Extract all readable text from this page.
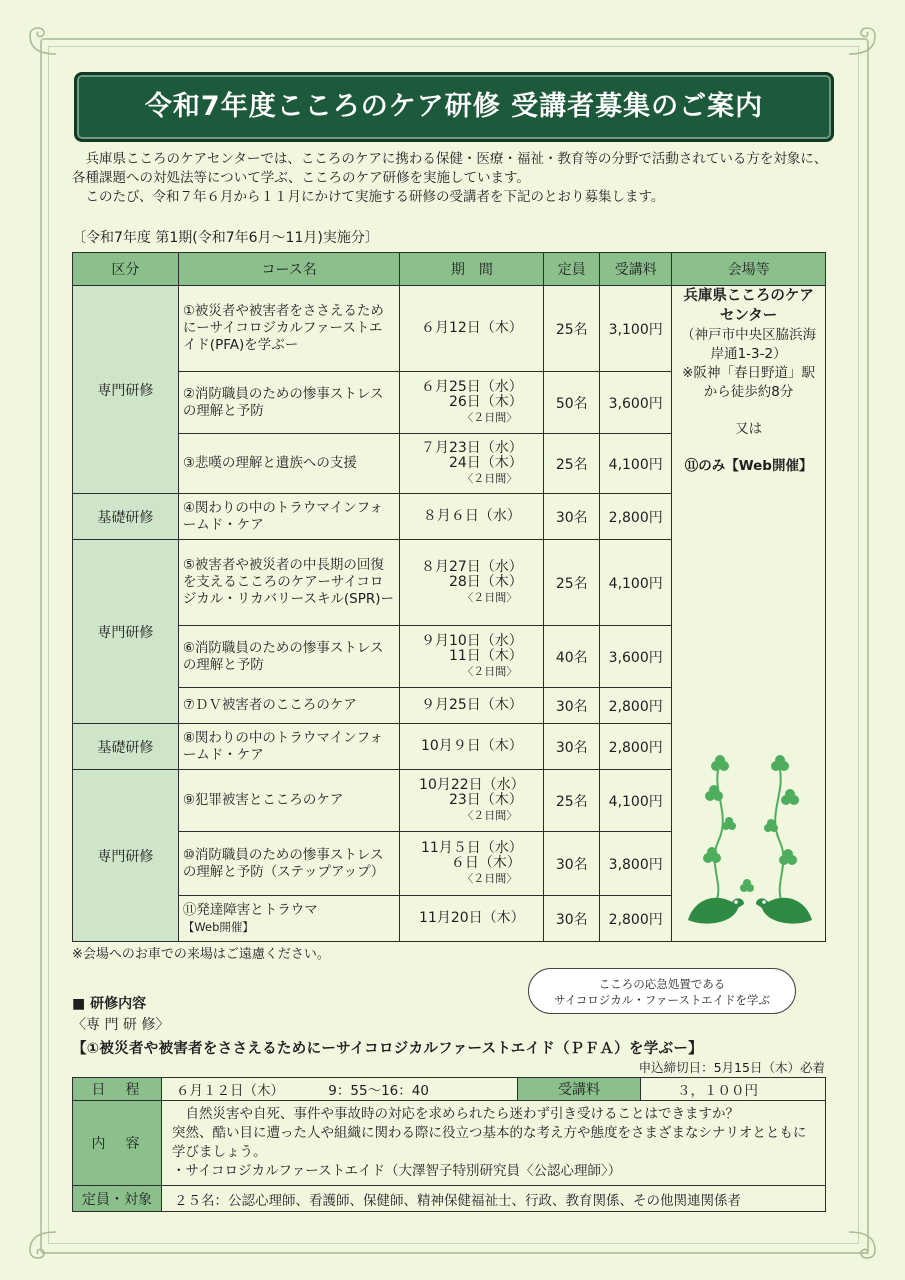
令和7年度こころのケア研修 受講者募集のご案内

兵庫県こころのケアセンターでは、こころのケアに携わる保健・医療・福祉・教育等の分野で活動されている方を対象に、各種課題への対処法等について学ぶ、こころのケア研修を実施しています。

このたび、令和７年６月から１１月にかけて実施する研修の受講者を下記のとおり募集します。

〔令和7年度 第1期(令和7年6月〜11月)実施分〕
区分	コース名	期　間	定員	受講料	会場等
専門研修	①被災者や被害者をささえるためにーサイコロジカルファーストエイド(PFA)を学ぶー	６月12日（木）	25名	3,100円	兵庫県こころのケアセンター
（神戸市中央区脇浜海岸通1-3-2）
※阪神「春日野道」駅から徒歩約8分
又は
⑪のみ【Web開催】

	②消防職員のための惨事ストレスの理解と予防	６月25日（水）
26日（木）
〈２日間〉	50名	3,600円	
	③悲嘆の理解と遺族への支援	７月23日（水）
24日（木）
〈２日間〉	25名	4,100円	
基礎研修	④関わりの中のトラウマインフォームド・ケア	８月６日（水）	30名	2,800円	
専門研修	⑤被害者や被災者の中長期の回復を支えるこころのケアーサイコロジカル・リカバリースキル(SPR)ー	８月27日（水）
28日（木）
〈２日間〉	25名	4,100円	
	⑥消防職員のための惨事ストレスの理解と予防	９月10日（水）
11日（木）
〈２日間〉	40名	3,600円	
	⑦ＤＶ被害者のこころのケア	９月25日（木）	30名	2,800円	
基礎研修	⑧関わりの中のトラウマインフォームド・ケア	10月９日（木）	30名	2,800円	
専門研修	⑨犯罪被害とこころのケア	10月22日（水）
23日（木）
〈２日間〉	25名	4,100円	
	⑩消防職員のための惨事ストレスの理解と予防（ステップアップ）	11月５日（水）
６日（木）
〈２日間〉	30名	3,800円	

	⑪発達障害とトラウマ
【Web開催】	11月20日（木）	30名	2,800円	
※会場へのお車での来場はご遠慮ください。
こころの応急処置である
サイコロジカル・ファーストエイドを学ぶ
■ 研修内容
〈専 門 研 修〉
【①被災者や被害者をささえるためにーサイコロジカルファーストエイド（ＰＦＡ）を学ぶー】
申込締切日：5月15日（木）必着
日　程	６月１２日（木） 9：55〜16：40	受講料	３，１００円
内　容	自然災害や自死、事件や事故時の対応を求められたら迷わず引き受けることはできますか？
突然、酷い目に遭った人や組織に関わる際に役立つ基本的な考え方や態度をさまざまなシナリオとともに学びましょう。
・サイコロジカルファーストエイド（大澤智子特別研究員〈公認心理師〉）		

定員・対象	２５名：公認心理師、看護師、保健師、精神保健福祉士、行政、教育関係、その他関連関係者		
